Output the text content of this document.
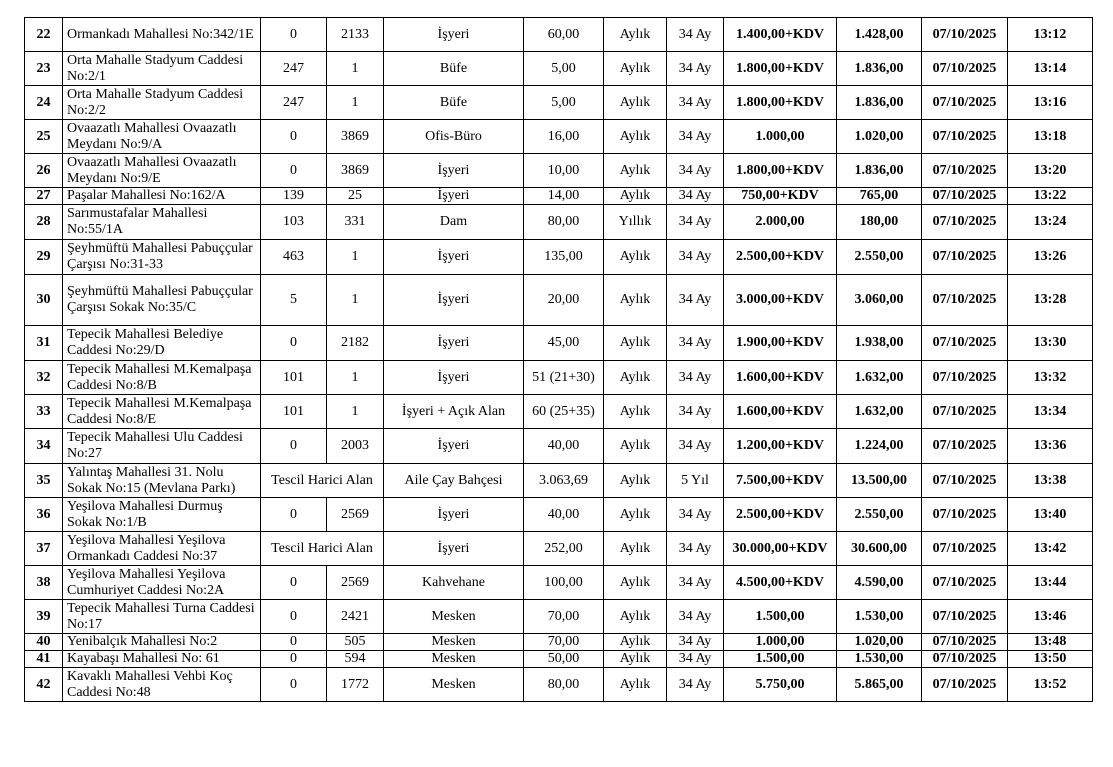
22	Ormankadı Mahallesi No:342/1E	0	2133	İşyeri	60,00	Aylık	34 Ay	1.400,00+KDV	1.428,00	07/10/2025	13:12
23	Orta Mahalle Stadyum Caddesi No:2/1	247	1	Büfe	5,00	Aylık	34 Ay	1.800,00+KDV	1.836,00	07/10/2025	13:14
24	Orta Mahalle Stadyum Caddesi No:2/2	247	1	Büfe	5,00	Aylık	34 Ay	1.800,00+KDV	1.836,00	07/10/2025	13:16
25	Ovaazatlı Mahallesi Ovaazatlı Meydanı No:9/A	0	3869	Ofis-Büro	16,00	Aylık	34 Ay	1.000,00	1.020,00	07/10/2025	13:18
26	Ovaazatlı Mahallesi Ovaazatlı Meydanı No:9/E	0	3869	İşyeri	10,00	Aylık	34 Ay	1.800,00+KDV	1.836,00	07/10/2025	13:20
27	Paşalar Mahallesi No:162/A	139	25	İşyeri	14,00	Aylık	34 Ay	750,00+KDV	765,00	07/10/2025	13:22
28	Sarımustafalar Mahallesi No:55/1A	103	331	Dam	80,00	Yıllık	34 Ay	2.000,00	180,00	07/10/2025	13:24
29	Şeyhmüftü Mahallesi Pabuççular Çarşısı No:31-33	463	1	İşyeri	135,00	Aylık	34 Ay	2.500,00+KDV	2.550,00	07/10/2025	13:26
30	Şeyhmüftü Mahallesi Pabuççular Çarşısı Sokak No:35/C	5	1	İşyeri	20,00	Aylık	34 Ay	3.000,00+KDV	3.060,00	07/10/2025	13:28
31	Tepecik Mahallesi Belediye Caddesi No:29/D	0	2182	İşyeri	45,00	Aylık	34 Ay	1.900,00+KDV	1.938,00	07/10/2025	13:30
32	Tepecik Mahallesi M.Kemalpaşa Caddesi No:8/B	101	1	İşyeri	51 (21+30)	Aylık	34 Ay	1.600,00+KDV	1.632,00	07/10/2025	13:32
33	Tepecik Mahallesi M.Kemalpaşa Caddesi No:8/E	101	1	İşyeri + Açık Alan	60 (25+35)	Aylık	34 Ay	1.600,00+KDV	1.632,00	07/10/2025	13:34
34	Tepecik Mahallesi Ulu Caddesi No:27	0	2003	İşyeri	40,00	Aylık	34 Ay	1.200,00+KDV	1.224,00	07/10/2025	13:36
35	Yalıntaş Mahallesi 31. Nolu Sokak No:15 (Mevlana Parkı)	Tescil Harici Alan		Aile Çay Bahçesi	3.063,69	Aylık	5 Yıl	7.500,00+KDV	13.500,00	07/10/2025	13:38
36	Yeşilova Mahallesi Durmuş Sokak No:1/B	0	2569	İşyeri	40,00	Aylık	34 Ay	2.500,00+KDV	2.550,00	07/10/2025	13:40
37	Yeşilova Mahallesi Yeşilova Ormankadı Caddesi No:37	Tescil Harici Alan		İşyeri	252,00	Aylık	34 Ay	30.000,00+KDV	30.600,00	07/10/2025	13:42
38	Yeşilova Mahallesi Yeşilova Cumhuriyet Caddesi No:2A	0	2569	Kahvehane	100,00	Aylık	34 Ay	4.500,00+KDV	4.590,00	07/10/2025	13:44
39	Tepecik Mahallesi Turna Caddesi No:17	0	2421	Mesken	70,00	Aylık	34 Ay	1.500,00	1.530,00	07/10/2025	13:46
40	Yenibalçık Mahallesi No:2	0	505	Mesken	70,00	Aylık	34 Ay	1.000,00	1.020,00	07/10/2025	13:48
41	Kayabaşı Mahallesi No: 61	0	594	Mesken	50,00	Aylık	34 Ay	1.500,00	1.530,00	07/10/2025	13:50
42	Kavaklı Mahallesi Vehbi Koç Caddesi No:48	0	1772	Mesken	80,00	Aylık	34 Ay	5.750,00	5.865,00	07/10/2025	13:52
